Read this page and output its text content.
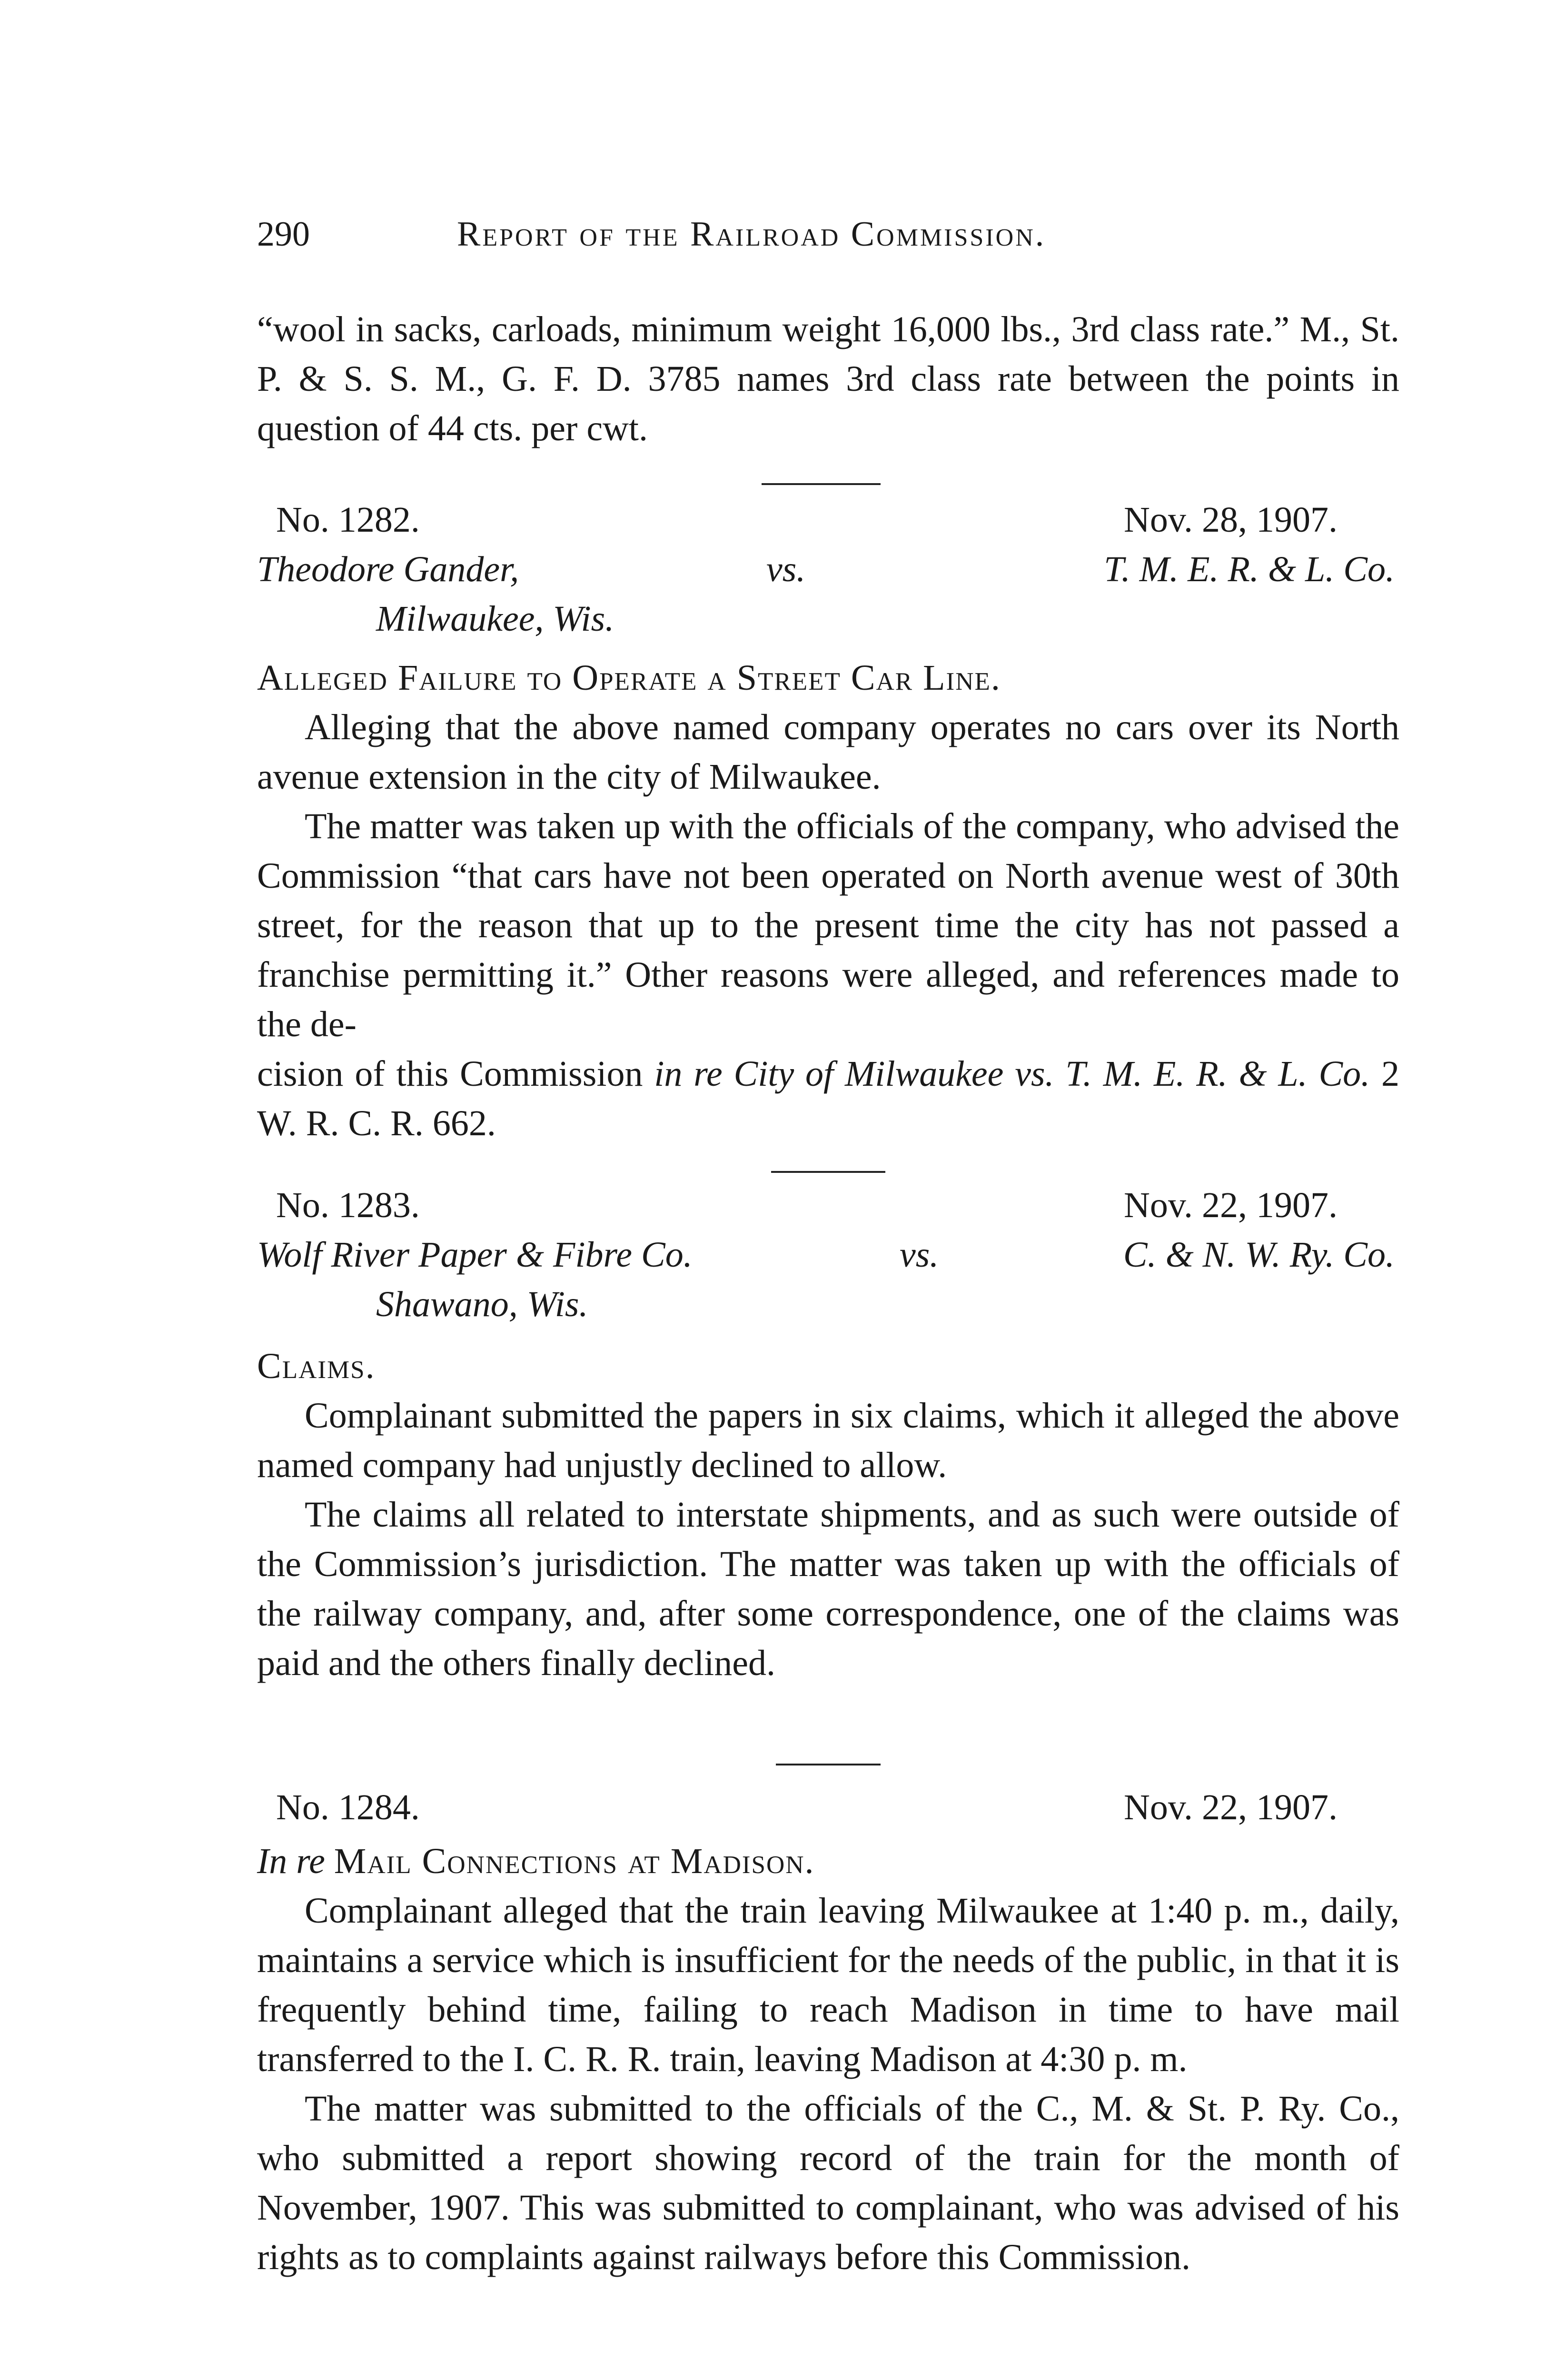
290	Report of the Railroad Commission.

“wool in sacks, carloads, minimum weight 16,000 lbs., 3rd class rate.” M., St. P. & S. S. M., G. F. D. 3785 names 3rd class rate between the points in question of 44 cts. per cwt.

No. 1282.	Nov. 28, 1907.
Theodore Gander,	vs.	T. M. E. R. & L. Co.
Milwaukee, Wis.

Alleged Failure to Operate a Street Car Line.

Alleging that the above named company operates no cars over its North avenue extension in the city of Milwaukee.

The matter was taken up with the officials of the company, who advised the Commission “that cars have not been operated on North avenue west of 30th street, for the reason that up to the present time the city has not passed a franchise permitting it.” Other reasons were alleged, and references made to the de-

cision of this Commission in re City of Milwaukee vs. T. M. E. R. & L. Co. 2 W. R. C. R. 662.

No. 1283.	Nov. 22, 1907.
Wolf River Paper & Fibre Co.	vs.	C. & N. W. Ry. Co.
Shawano, Wis.

Claims.

Complainant submitted the papers in six claims, which it alleged the above named company had unjustly declined to allow.

The claims all related to interstate shipments, and as such were outside of the Commission’s jurisdiction. The matter was taken up with the officials of the railway company, and, after some correspondence, one of the claims was paid and the others finally declined.

No. 1284.	Nov. 22, 1907.

In re Mail Connections at Madison.

Complainant alleged that the train leaving Milwaukee at 1:40 p. m., daily, maintains a service which is insufficient for the needs of the public, in that it is frequently behind time, failing to reach Madison in time to have mail transferred to the I. C. R. R. train, leaving Madison at 4:30 p. m.

The matter was submitted to the officials of the C., M. & St. P. Ry. Co., who submitted a report showing record of the train for the month of November, 1907. This was submitted to complainant, who was advised of his rights as to complaints against railways before this Commission.
